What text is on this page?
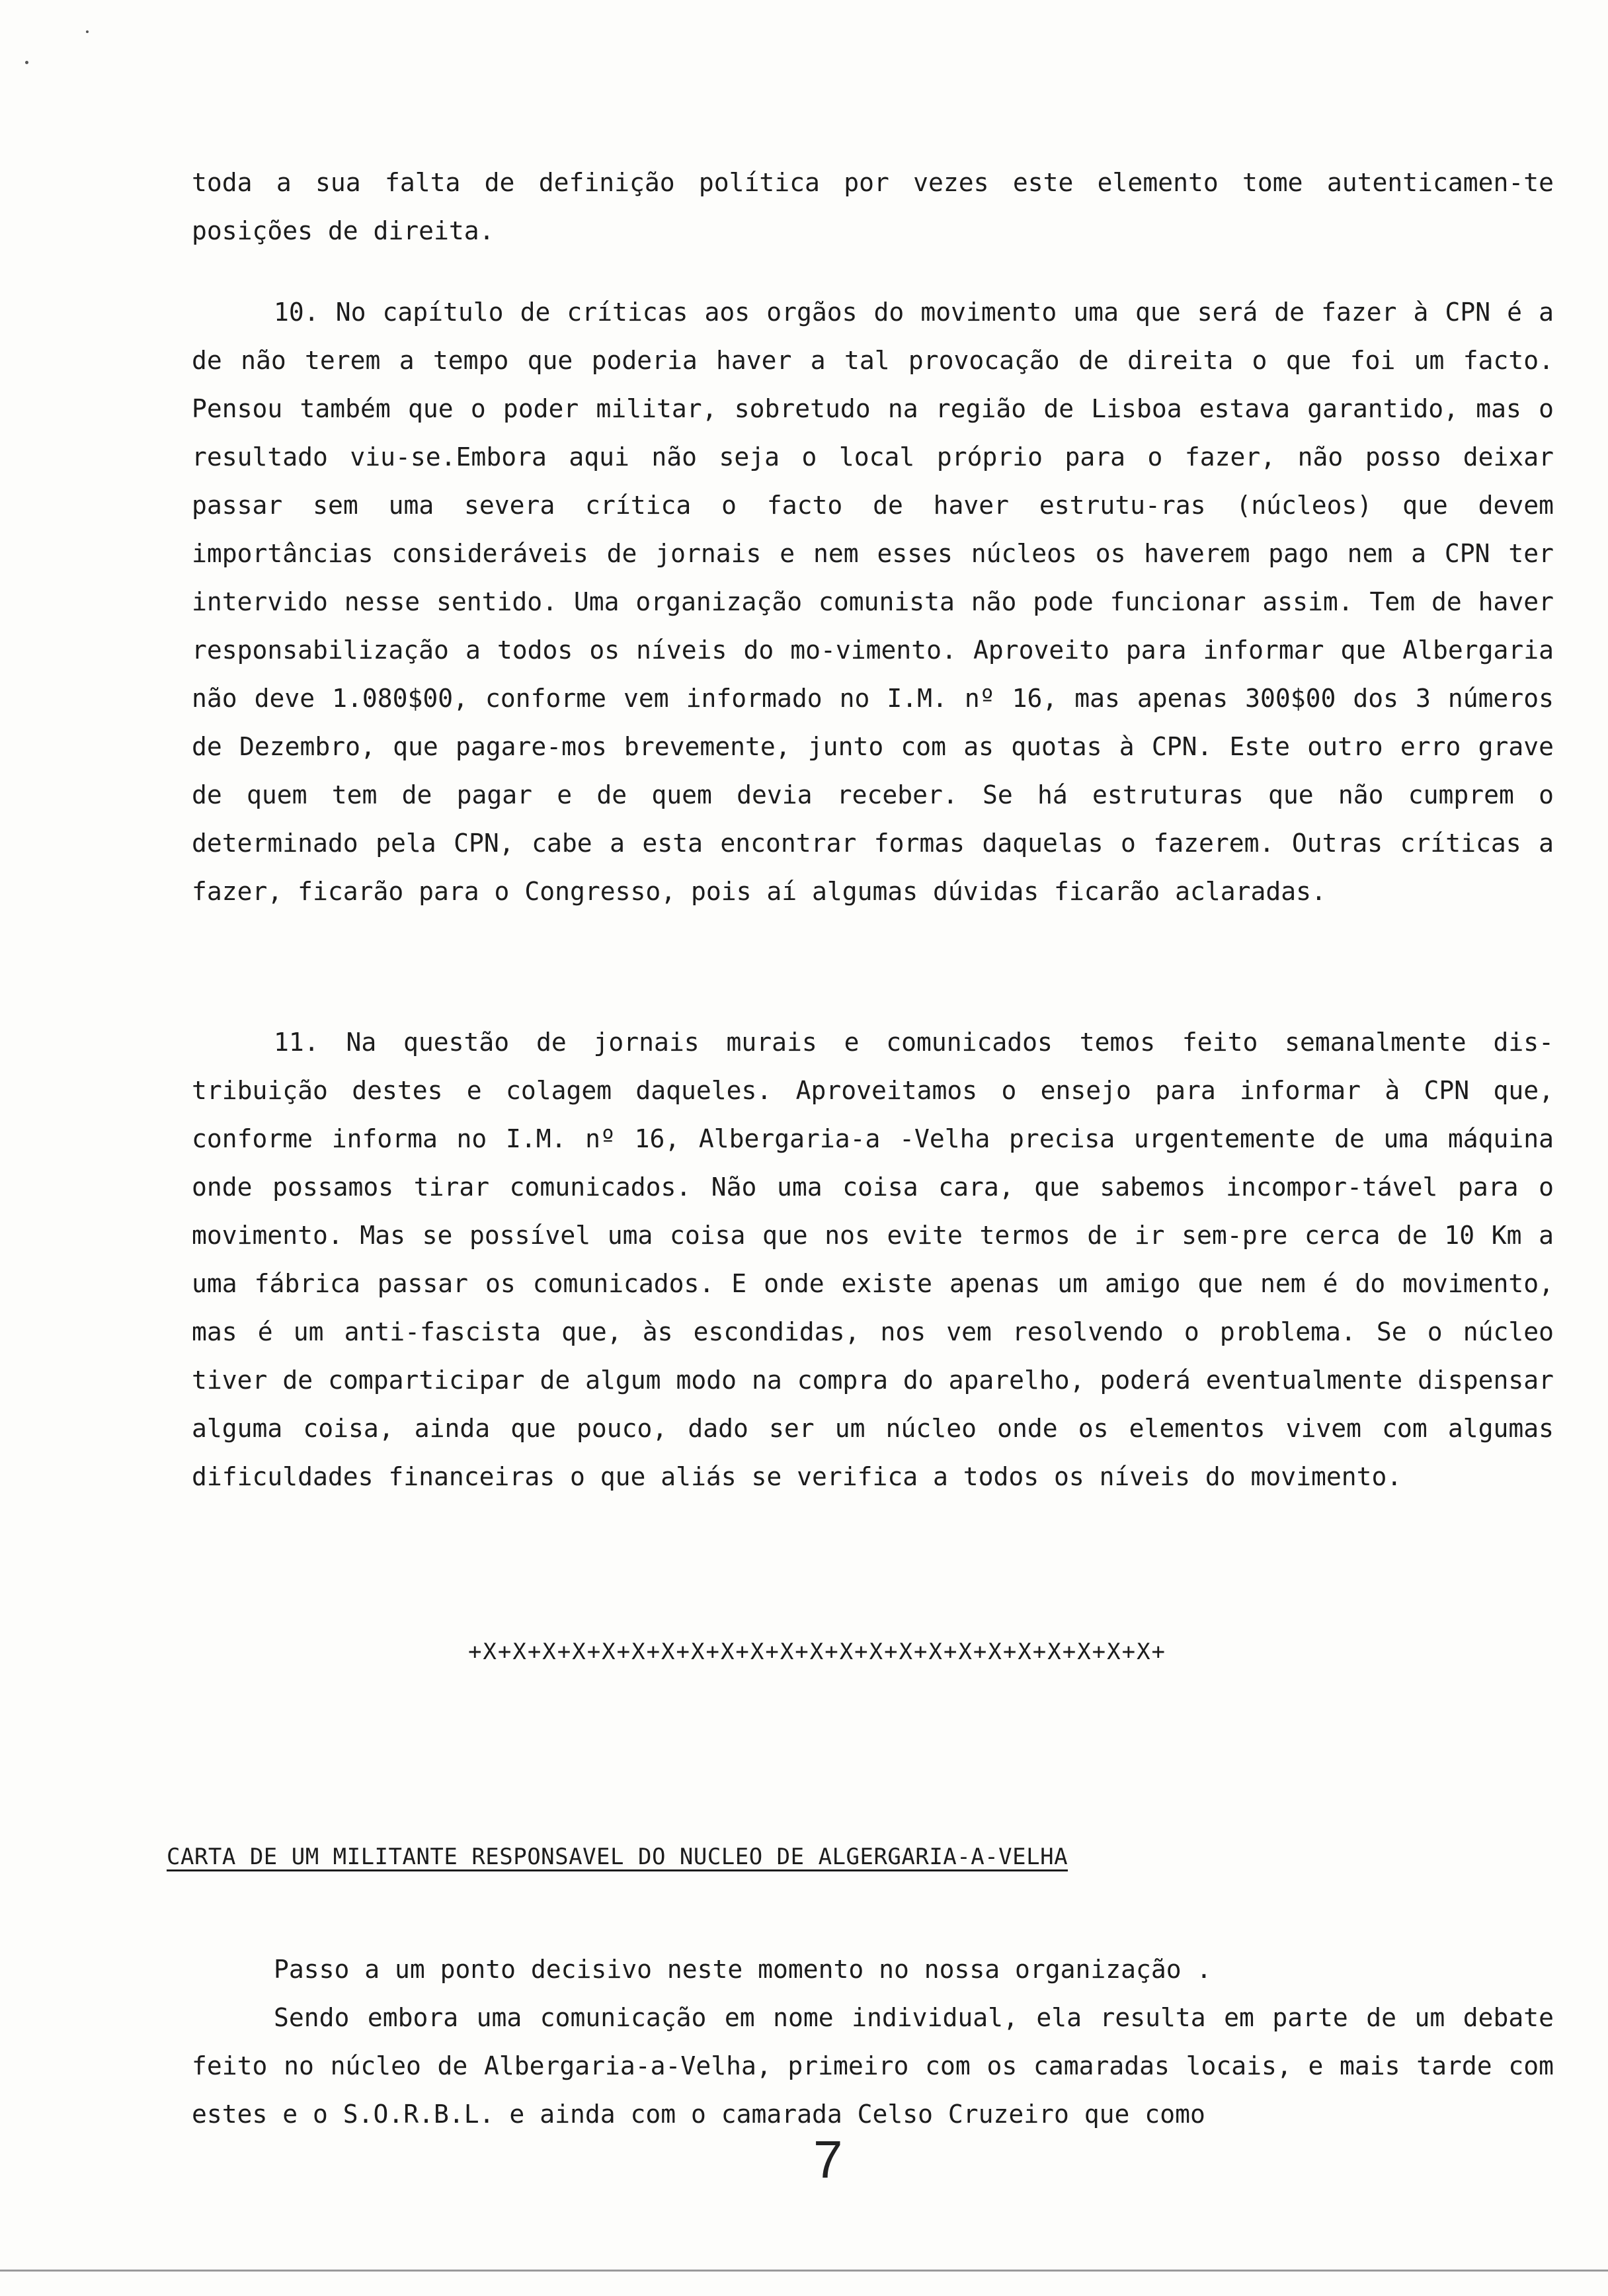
toda a sua falta de definição política por vezes este elemento tome autenticamen-te posições de direita.

10. No capítulo de críticas aos orgãos do movimento uma que será de fazer à CPN é a de não terem a tempo que poderia haver a tal provocação de direita o que foi um facto. Pensou também que o poder militar, sobretudo na região de Lisboa estava garantido, mas o resultado viu-se.Embora aqui não seja o local próprio para o fazer, não posso deixar passar sem uma severa crítica o facto de haver estrutu-ras (núcleos) que devem importâncias consideráveis de jornais e nem esses núcleos os haverem pago nem a CPN ter intervido nesse sentido. Uma organização comunista não pode funcionar assim. Tem de haver responsabilização a todos os níveis do mo-vimento. Aproveito para informar que Albergaria não deve 1.080$00, conforme vem informado no I.M. nº 16, mas apenas 300$00 dos 3 números de Dezembro, que pagare-mos brevemente, junto com as quotas à CPN. Este outro erro grave de quem tem de pagar e de quem devia receber. Se há estruturas que não cumprem o determinado pela CPN, cabe a esta encontrar formas daquelas o fazerem. Outras críticas a fazer, ficarão para o Congresso, pois aí algumas dúvidas ficarão aclaradas.

11. Na questão de jornais murais e comunicados temos feito semanalmente dis-tribuição destes e colagem daqueles. Aproveitamos o ensejo para informar à CPN que, conforme informa no I.M. nº 16, Albergaria-a -Velha precisa urgentemente de uma máquina onde possamos tirar comunicados. Não uma coisa cara, que sabemos incompor-tável para o movimento. Mas se possível uma coisa que nos evite termos de ir sem-pre cerca de 10 Km a uma fábrica passar os comunicados. E onde existe apenas um amigo que nem é do movimento, mas é um anti-fascista que, às escondidas, nos vem resolvendo o problema. Se o núcleo tiver de comparticipar de algum modo na compra do aparelho, poderá eventualmente dispensar alguma coisa, ainda que pouco, dado ser um núcleo onde os elementos vivem com algumas dificuldades financeiras o que aliás se verifica a todos os níveis do movimento.

+X+X+X+X+X+X+X+X+X+X+X+X+X+X+X+X+X+X+X+X+X+X+X+

CARTA DE UM MILITANTE RESPONSAVEL DO NUCLEO DE ALGERGARIA-A-VELHA

Passo a um ponto decisivo neste momento no nossa organização .

Sendo embora uma comunicação em nome individual, ela resulta em parte de um debate feito no núcleo de Albergaria-a-Velha, primeiro com os camaradas locais, e mais tarde com estes e o S.O.R.B.L. e ainda com o camarada Celso Cruzeiro que como

7
